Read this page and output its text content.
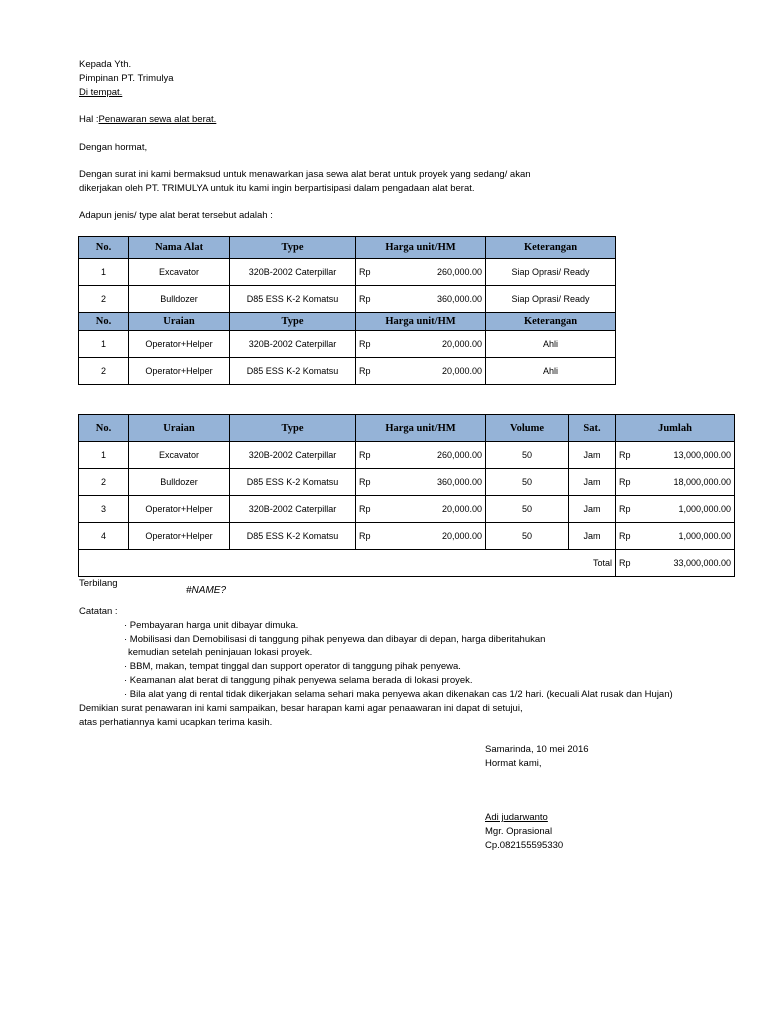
Kepada Yth.
Pimpinan PT. Trimulya
Di tempat.
Hal :Penawaran sewa alat berat.
Dengan hormat,
Dengan surat ini kami bermaksud untuk menawarkan jasa sewa alat berat untuk proyek yang sedang/ akan
dikerjakan oleh PT. TRIMULYA untuk itu kami ingin berpartisipasi dalam pengadaan alat berat.
Adapun jenis/ type alat berat tersebut adalah :
No.	Nama Alat	Type	Harga unit/HM		Keterangan
1	Excavator	320B-2002 Caterpillar	Rp	260,000.00	Siap Oprasi/ Ready
2	Bulldozer	D85 ESS K-2 Komatsu	Rp	360,000.00	Siap Oprasi/ Ready
No.	Uraian	Type	Harga unit/HM		Keterangan
1	Operator+Helper	320B-2002 Caterpillar	Rp	20,000.00	Ahli
2	Operator+Helper	D85 ESS K-2 Komatsu	Rp	20,000.00	Ahli
No.	Uraian	Type	Harga unit/HM		Volume	Sat.	Jumlah	
1	Excavator	320B-2002 Caterpillar	Rp	260,000.00	50	Jam	Rp	13,000,000.00
2	Bulldozer	D85 ESS K-2 Komatsu	Rp	360,000.00	50	Jam	Rp	18,000,000.00
3	Operator+Helper	320B-2002 Caterpillar	Rp	20,000.00	50	Jam	Rp	1,000,000.00
4	Operator+Helper	D85 ESS K-2 Komatsu	Rp	20,000.00	50	Jam	Rp	1,000,000.00
Total							Rp	33,000,000.00
Terbilang
#NAME?
Catatan :
· Pembayaran harga unit dibayar dimuka.
· Mobilisasi dan Demobilisasi di tanggung pihak penyewa dan dibayar di depan, harga diberitahukan
kemudian setelah peninjauan lokasi proyek.
· BBM, makan, tempat tinggal dan support operator di tanggung pihak penyewa.
· Keamanan alat berat di tanggung pihak penyewa selama berada di lokasi proyek.
· Bila alat yang di rental tidak dikerjakan selama sehari maka penyewa akan dikenakan cas 1/2 hari. (kecuali Alat rusak dan Hujan)
Demikian surat penawaran ini kami sampaikan, besar harapan kami agar penaawaran ini dapat di setujui,
atas perhatiannya kami ucapkan terima kasih.
Samarinda, 10 mei 2016
Hormat kami,
Adi judarwanto
Mgr. Oprasional
Cp.082155595330
